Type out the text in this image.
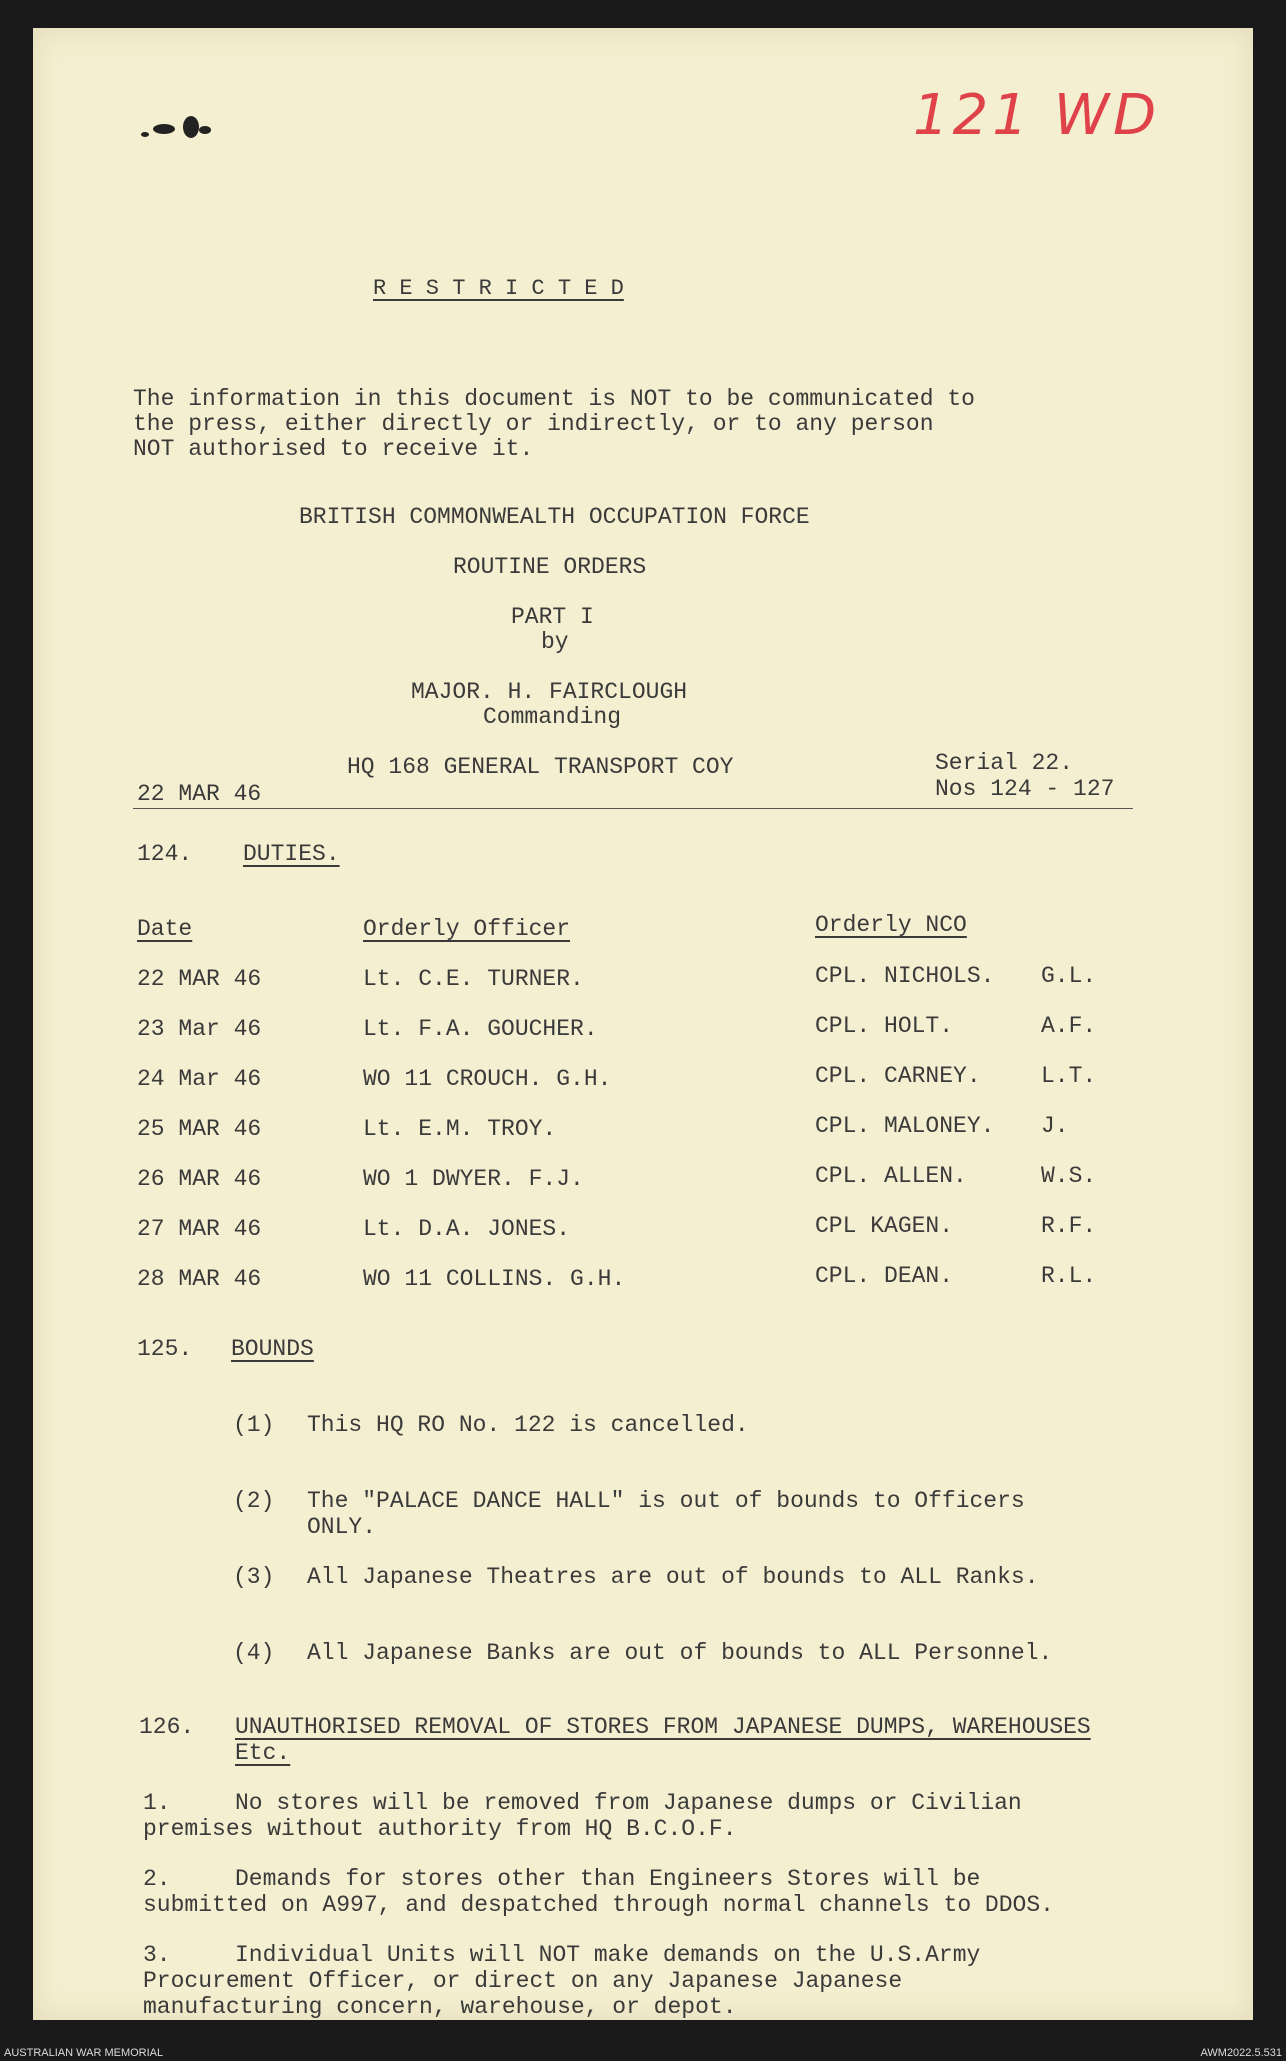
121 WD
R E S T R I C T E D
The information in this document is NOT to be communicated to
the press, either directly or indirectly, or to any person
NOT authorised to receive it.
BRITISH COMMONWEALTH OCCUPATION FORCE
ROUTINE ORDERS
PART I
by
MAJOR. H. FAIRCLOUGH
Commanding
HQ 168 GENERAL TRANSPORT COY	Serial 22.
Nos 124 - 127
22 MAR 46
124. DUTIES.
Date	Orderly Officer	Orderly NCO
22 MAR 46	Lt. C.E. TURNER.	CPL. NICHOLS. G.L.
23 Mar 46	Lt. F.A. GOUCHER.	CPL. HOLT.	A.F.
24 Mar 46	WO 11 CROUCH. G.H.	CPL. CARNEY.	L.T.
25 MAR 46	Lt. E.M. TROY.	CPL. MALONEY. J.
26 MAR 46	WO 1 DWYER. F.J.	CPL. ALLEN.	W.S.
27 MAR 46	Lt. D.A. JONES.	CPL KAGEN.	R.F.
28 MAR 46	WO 11 COLLINS. G.H.	CPL. DEAN.	R.L.
125. BOUNDS
(1) This HQ RO No. 122 is cancelled.
(2) The "PALACE DANCE HALL" is out of bounds to Officers
ONLY.
(3) All Japanese Theatres are out of bounds to ALL Ranks.
(4) All Japanese Banks are out of bounds to ALL Personnel.
126. UNAUTHORISED REMOVAL OF STORES FROM JAPANESE DUMPS, WAREHOUSES
Etc.
1.	No stores will be removed from Japanese dumps or Civilian
premises without authority from HQ B.C.O.F.
2.	Demands for stores other than Engineers Stores will be
submitted on A997, and despatched through normal channels to DDOS.
3.	Individual Units will NOT make demands on the U.S.Army
Procurement Officer, or direct on any Japanese Japanese
manufacturing concern, warehouse, or depot.
AUSTRALIAN WAR MEMORIAL	AWM2022.5.531
